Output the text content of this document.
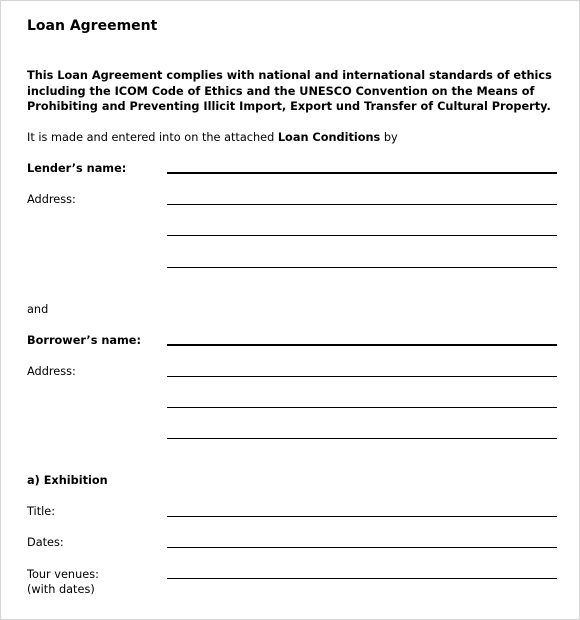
Loan Agreement
This Loan Agreement complies with national and international standards of ethics
including the ICOM Code of Ethics and the UNESCO Convention on the Means of
Prohibiting and Preventing Illicit Import, Export und Transfer of Cultural Property.
It is made and entered into on the attached Loan Conditions by
Lender’s name:
Address:
and
Borrower’s name:
Address:
a) Exhibition
Title:
Dates:
Tour venues:
(with dates)
